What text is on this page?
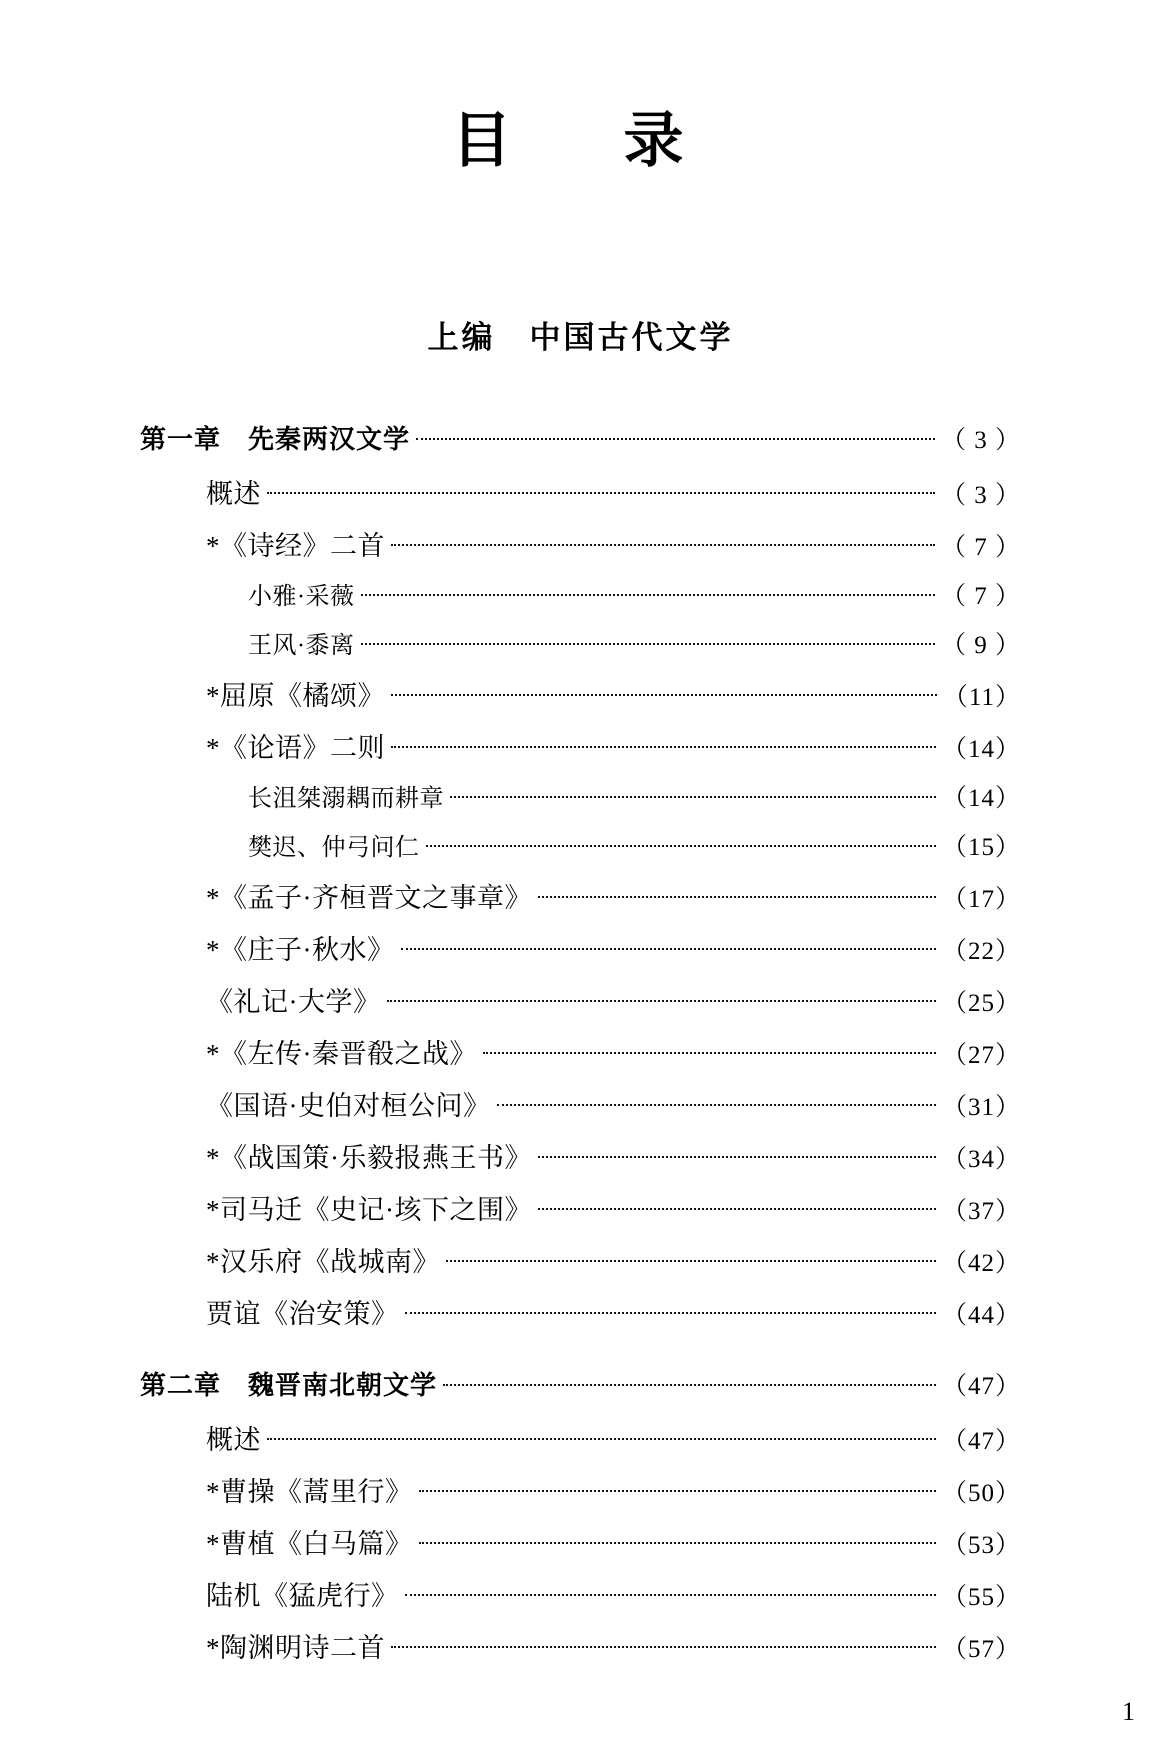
目　录
上编　中国古代文学
第一章　先秦两汉文学	（ 3 ）
概述	（ 3 ）
*《诗经》二首	（ 7 ）
小雅·采薇	（ 7 ）
王风·黍离	（ 9 ）
*屈原《橘颂》	（11）
*《论语》二则	（14）
长沮桀溺耦而耕章	（14）
樊迟、仲弓问仁	（15）
*《孟子·齐桓晋文之事章》	（17）
*《庄子·秋水》	（22）
《礼记·大学》	（25）
*《左传·秦晋殽之战》	（27）
《国语·史伯对桓公问》	（31）
*《战国策·乐毅报燕王书》	（34）
*司马迁《史记·垓下之围》	（37）
*汉乐府《战城南》	（42）
贾谊《治安策》	（44）
第二章　魏晋南北朝文学	（47）
概述	（47）
*曹操《蒿里行》	（50）
*曹植《白马篇》	（53）
陆机《猛虎行》	（55）
*陶渊明诗二首	（57）
1
